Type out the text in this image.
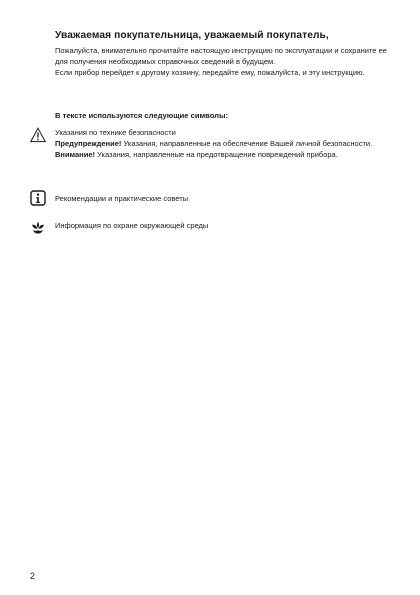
Уважаемая покупательница, уважаемый покупатель,

Пожалуйста, внимательно прочитайте настоящую инструкцию по эксплуатации и сохраните ее для получения необходимых справочных сведений в будущем.

Если прибор перейдет к другому хозяину, передайте ему, пожалуйста, и эту инструкцию.

В тексте используются следующие символы:

Указания по технике безопасности

Предупреждение! Указания, направленные на обеспечение Вашей личной безопасности.

Внимание! Указания, направленные на предотвращение повреждений прибора.

Рекомендации и практические советы
Информация по охране окружающей среды
2
